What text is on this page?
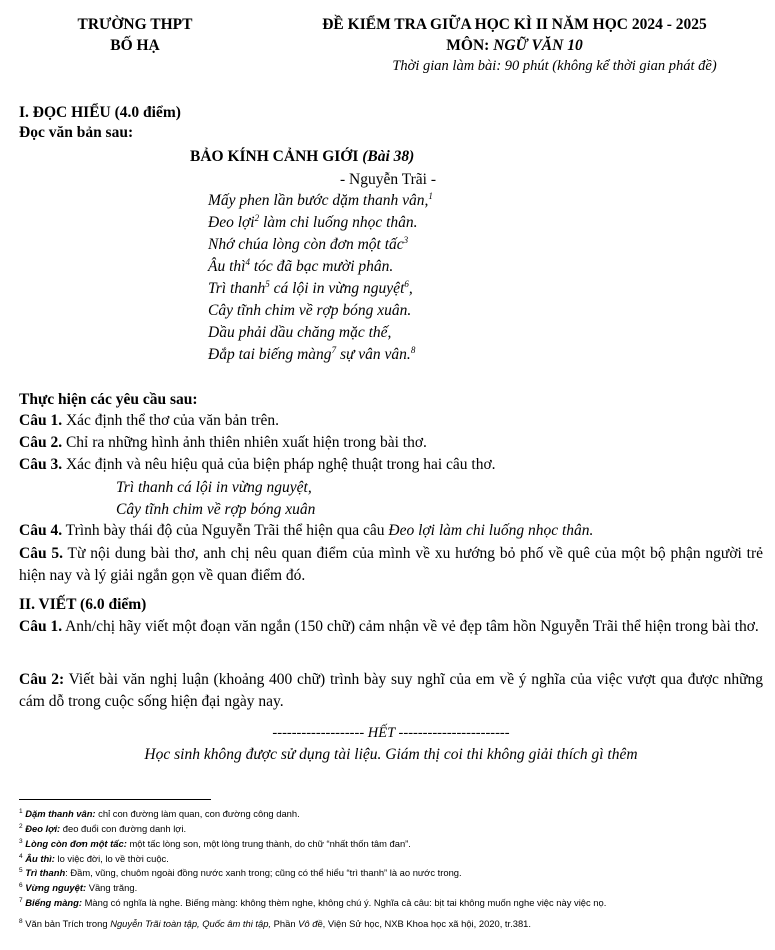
TRƯỜNG THPT
BỐ HẠ
ĐỀ KIỂM TRA GIỮA HỌC KÌ II NĂM HỌC 2024 - 2025
MÔN: NGỮ VĂN 10
Thời gian làm bài: 90 phút (không kể thời gian phát đề)
I. ĐỌC HIỂU (4.0 điểm)
Đọc văn bản sau:
BẢO KÍNH CẢNH GIỚI (Bài 38)
- Nguyễn Trãi -
Mấy phen lần bước dặm thanh vân,$^1$
Đeo lợi$^2$ làm chi luống nhọc thân.
Nhớ chúa lòng còn đơn một tấc$^3$
Âu thì$^4$ tóc đã bạc mười phân.
Trì thanh$^5$ cá lội in vừng nguyệt$^6$,
Cây tĩnh chim về rợp bóng xuân.
Dầu phải dầu chăng mặc thế,
Đắp tai biếng màng$^7$ sự vân vân.$^8$
Thực hiện các yêu cầu sau:
Câu 1. Xác định thể thơ của văn bản trên.
Câu 2. Chỉ ra những hình ảnh thiên nhiên xuất hiện trong bài thơ.
Câu 3. Xác định và nêu hiệu quả của biện pháp nghệ thuật trong hai câu thơ.
Trì thanh cá lội in vừng nguyệt,
Cây tĩnh chim về rợp bóng xuân
Câu 4. Trình bày thái độ của Nguyễn Trãi thể hiện qua câu Đeo lợi làm chi luống nhọc thân.
Câu 5. Từ nội dung bài thơ, anh chị nêu quan điểm của mình về xu hướng bỏ phố về quê của một bộ phận người trẻ hiện nay và lý giải ngắn gọn về quan điểm đó.
II. VIẾT (6.0 điểm)
Câu 1. Anh/chị hãy viết một đoạn văn ngắn (150 chữ) cảm nhận về vẻ đẹp tâm hồn Nguyễn Trãi thể hiện trong bài thơ.
Câu 2: Viết bài văn nghị luận (khoảng 400 chữ) trình bày suy nghĩ của em về ý nghĩa của việc vượt qua được những cám dỗ trong cuộc sống hiện đại ngày nay.
------------------- HẾT -----------------------
Học sinh không được sử dụng tài liệu. Giám thị coi thi không giải thích gì thêm
$^1$ Dặm thanh vân: chỉ con đường làm quan, con đường công danh.
$^2$ Đeo lợi: đeo đuổi con đường danh lợi.
$^3$ Lòng còn đơn một tấc: một tấc lòng son, một lòng trung thành, do chữ “nhất thốn tâm đan”.
$^4$ Âu thì: lo việc đời, lo về thời cuộc.
$^5$ Trì thanh: Đầm, vũng, chuôm ngoài đồng nước xanh trong; cũng có thể hiểu “trì thanh” là ao nước trong.
$^6$ Vừng nguyệt: Vầng trăng.
$^7$ Biếng màng: Màng có nghĩa là nghe. Biếng màng: không thèm nghe, không chú ý. Nghĩa cả câu: bịt tai không muốn nghe việc này việc nọ.
$^8$ Văn bản Trích trong Nguyễn Trãi toàn tập, Quốc âm thi tập, Phần Vô đề, Viện Sử học, NXB Khoa học xã hội, 2020, tr.381.
